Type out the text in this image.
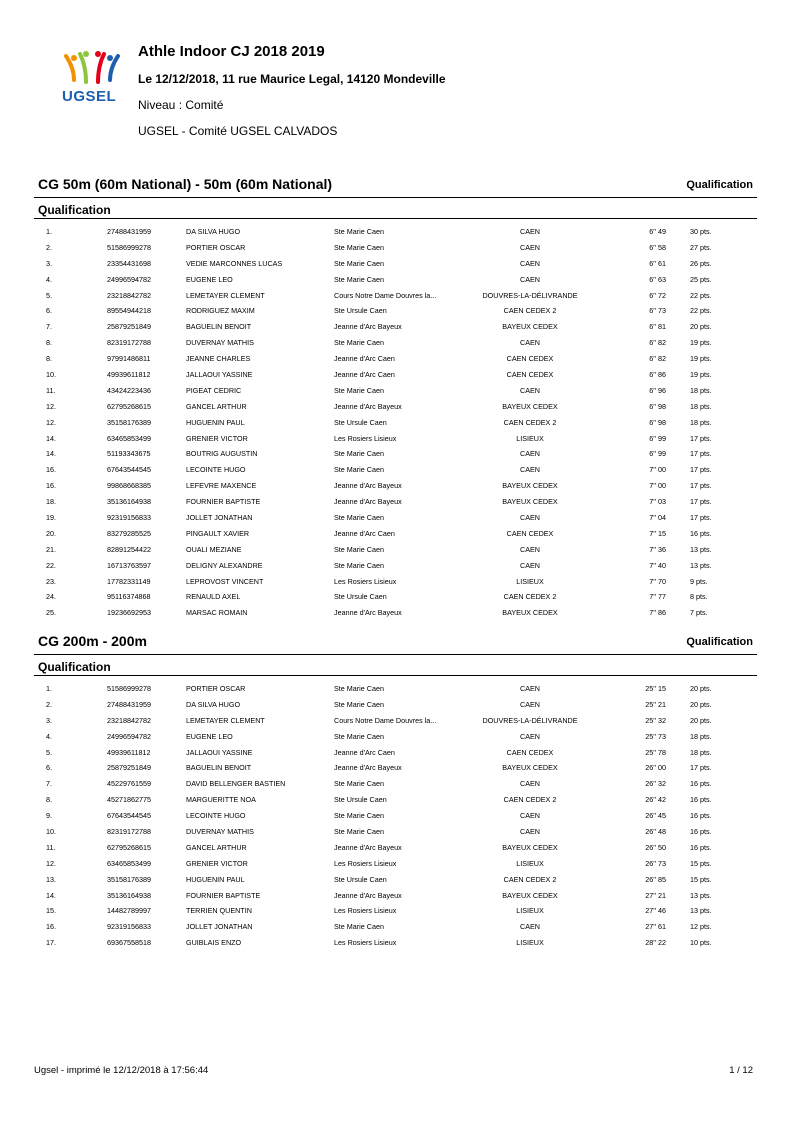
UGSEL
Athle Indoor CJ 2018 2019
Le 12/12/2018, 11 rue Maurice Legal, 14120 Mondeville
Niveau : Comité
UGSEL - Comité UGSEL CALVADOS
CG 50m (60m National) - 50m (60m National)	Qualification
Qualification
1.	27488431959	DA SILVA HUGO	Ste Marie Caen	CAEN	6'' 49	30 pts.
2.	51586999278	PORTIER OSCAR	Ste Marie Caen	CAEN	6'' 58	27 pts.
3.	23354431698	VEDIE MARCONNES LUCAS	Ste Marie Caen	CAEN	6'' 61	26 pts.
4.	24996594782	EUGENE LEO	Ste Marie Caen	CAEN	6'' 63	25 pts.
5.	23218842782	LEMETAYER CLEMENT	Cours Notre Dame Douvres la...	DOUVRES-LA-DÉLIVRANDE	6'' 72	22 pts.
6.	89554944218	RODRIGUEZ MAXIM	Ste Ursule Caen	CAEN CEDEX 2	6'' 73	22 pts.
7.	25879251849	BAGUELIN BENOIT	Jeanne d'Arc Bayeux	BAYEUX CEDEX	6'' 81	20 pts.
8.	82319172788	DUVERNAY MATHIS	Ste Marie Caen	CAEN	6'' 82	19 pts.
8.	97991486811	JEANNE CHARLES	Jeanne d'Arc Caen	CAEN CEDEX	6'' 82	19 pts.
10.	49939611812	JALLAOUI YASSINE	Jeanne d'Arc Caen	CAEN CEDEX	6'' 86	19 pts.
11.	43424223436	PIGEAT CEDRIC	Ste Marie Caen	CAEN	6'' 96	18 pts.
12.	62795268615	GANCEL ARTHUR	Jeanne d'Arc Bayeux	BAYEUX CEDEX	6'' 98	18 pts.
12.	35158176389	HUGUENIN PAUL	Ste Ursule Caen	CAEN CEDEX 2	6'' 98	18 pts.
14.	63465853499	GRENIER VICTOR	Les Rosiers Lisieux	LISIEUX	6'' 99	17 pts.
14.	51193343675	BOUTRIG AUGUSTIN	Ste Marie Caen	CAEN	6'' 99	17 pts.
16.	67643544545	LECOINTE HUGO	Ste Marie Caen	CAEN	7'' 00	17 pts.
16.	99868668385	LEFEVRE MAXENCE	Jeanne d'Arc Bayeux	BAYEUX CEDEX	7'' 00	17 pts.
18.	35136164938	FOURNIER BAPTISTE	Jeanne d'Arc Bayeux	BAYEUX CEDEX	7'' 03	17 pts.
19.	92319156833	JOLLET JONATHAN	Ste Marie Caen	CAEN	7'' 04	17 pts.
20.	83279285525	PINGAULT XAVIER	Jeanne d'Arc Caen	CAEN CEDEX	7'' 15	16 pts.
21.	82891254422	OUALI MEZIANE	Ste Marie Caen	CAEN	7'' 36	13 pts.
22.	16713763597	DELIGNY ALEXANDRE	Ste Marie Caen	CAEN	7'' 40	13 pts.
23.	17782331149	LEPROVOST VINCENT	Les Rosiers Lisieux	LISIEUX	7'' 70	9 pts.
24.	95116374868	RENAULD AXEL	Ste Ursule Caen	CAEN CEDEX 2	7'' 77	8 pts.
25.	19236692953	MARSAC ROMAIN	Jeanne d'Arc Bayeux	BAYEUX CEDEX	7'' 86	7 pts.
CG 200m - 200m	Qualification
Qualification
1.	51586999278	PORTIER OSCAR	Ste Marie Caen	CAEN	25'' 15	20 pts.
2.	27488431959	DA SILVA HUGO	Ste Marie Caen	CAEN	25'' 21	20 pts.
3.	23218842782	LEMETAYER CLEMENT	Cours Notre Dame Douvres la...	DOUVRES-LA-DÉLIVRANDE	25'' 32	20 pts.
4.	24996594782	EUGENE LEO	Ste Marie Caen	CAEN	25'' 73	18 pts.
5.	49939611812	JALLAOUI YASSINE	Jeanne d'Arc Caen	CAEN CEDEX	25'' 78	18 pts.
6.	25879251849	BAGUELIN BENOIT	Jeanne d'Arc Bayeux	BAYEUX CEDEX	26'' 00	17 pts.
7.	45229761559	DAVID BELLENGER BASTIEN	Ste Marie Caen	CAEN	26'' 32	16 pts.
8.	45271862775	MARGUERITTE NOA	Ste Ursule Caen	CAEN CEDEX 2	26'' 42	16 pts.
9.	67643544545	LECOINTE HUGO	Ste Marie Caen	CAEN	26'' 45	16 pts.
10.	82319172788	DUVERNAY MATHIS	Ste Marie Caen	CAEN	26'' 48	16 pts.
11.	62795268615	GANCEL ARTHUR	Jeanne d'Arc Bayeux	BAYEUX CEDEX	26'' 50	16 pts.
12.	63465853499	GRENIER VICTOR	Les Rosiers Lisieux	LISIEUX	26'' 73	15 pts.
13.	35158176389	HUGUENIN PAUL	Ste Ursule Caen	CAEN CEDEX 2	26'' 85	15 pts.
14.	35136164938	FOURNIER BAPTISTE	Jeanne d'Arc Bayeux	BAYEUX CEDEX	27'' 21	13 pts.
15.	14482789997	TERRIEN QUENTIN	Les Rosiers Lisieux	LISIEUX	27'' 46	13 pts.
16.	92319156833	JOLLET JONATHAN	Ste Marie Caen	CAEN	27'' 61	12 pts.
17.	69367558518	GUIBLAIS ENZO	Les Rosiers Lisieux	LISIEUX	28'' 22	10 pts.
Ugsel - imprimé le 12/12/2018 à 17:56:44	1 / 12
